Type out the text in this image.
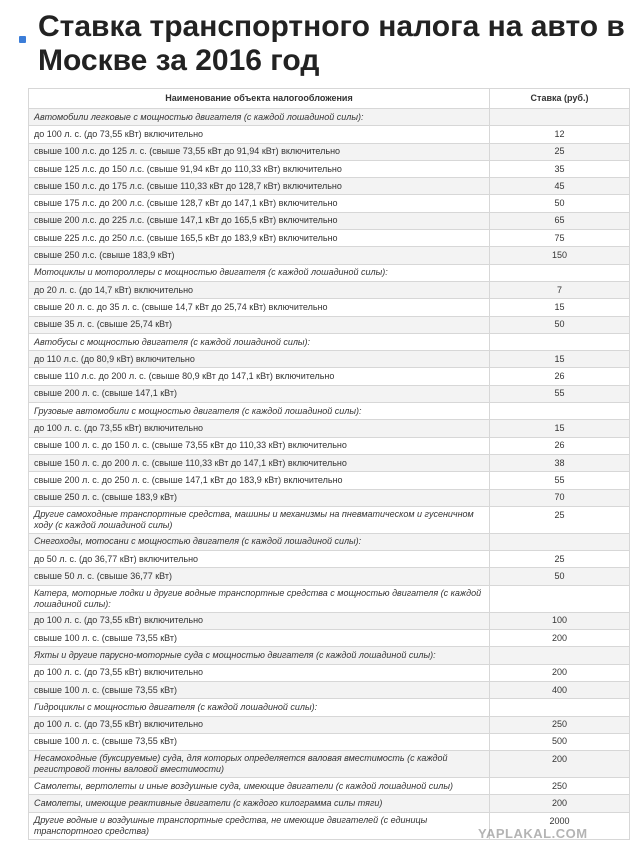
Ставка транспортного налога на авто в Москве за 2016 год
Наименование объекта налогообложения	Ставка (руб.)
Автомобили легковые с мощностью двигателя (с каждой лошадиной силы):	
до 100 л. с. (до 73,55 кВт) включительно	12
свыше 100 л.с. до 125 л. с. (свыше 73,55 кВт до 91,94 кВт) включительно	25
свыше 125 л.с. до 150 л.с. (свыше 91,94 кВт до 110,33 кВт) включительно	35
свыше 150 л.с. до 175 л.с. (свыше 110,33 кВт до 128,7 кВт) включительно	45
свыше 175 л.с. до 200 л.с. (свыше 128,7 кВт до 147,1 кВт) включительно	50
свыше 200 л.с. до 225 л.с. (свыше 147,1 кВт до 165,5 кВт) включительно	65
свыше 225 л.с. до 250 л.с. (свыше 165,5 кВт до 183,9 кВт) включительно	75
свыше 250 л.с. (свыше 183,9 кВт)	150
Мотоциклы и мотороллеры с мощностью двигателя (с каждой лошадиной силы):	
до 20 л. с. (до 14,7 кВт) включительно	7
свыше 20 л. с. до 35 л. с. (свыше 14,7 кВт до 25,74 кВт) включительно	15
свыше 35 л. с. (свыше 25,74 кВт)	50
Автобусы с мощностью двигателя (с каждой лошадиной силы):	
до 110 л.с. (до 80,9 кВт) включительно	15
свыше 110 л.с. до 200 л. с. (свыше 80,9 кВт до 147,1 кВт) включительно	26
свыше 200 л. с. (свыше 147,1 кВт)	55
Грузовые автомобили с мощностью двигателя (с каждой лошадиной силы):	
до 100 л. с. (до 73,55 кВт) включительно	15
свыше 100 л. с. до 150 л. с. (свыше 73,55 кВт до 110,33 кВт) включительно	26
свыше 150 л. с. до 200 л. с. (свыше 110,33 кВт до 147,1 кВт) включительно	38
свыше 200 л. с. до 250 л. с. (свыше 147,1 кВт до 183,9 кВт) включительно	55
свыше 250 л. с. (свыше 183,9 кВт)	70
Другие самоходные транспортные средства, машины и механизмы на пневматическом и гусеничном ходу (с каждой лошадиной силы)	25
Снегоходы, мотосани с мощностью двигателя (с каждой лошадиной силы):	
до 50 л. с. (до 36,77 кВт) включительно	25
свыше 50 л. с. (свыше 36,77 кВт)	50
Катера, моторные лодки и другие водные транспортные средства с мощностью двигателя (с каждой лошадиной силы):	
до 100 л. с. (до 73,55 кВт) включительно	100
свыше 100 л. с. (свыше 73,55 кВт)	200
Яхты и другие парусно-моторные суда с мощностью двигателя (с каждой лошадиной силы):	
до 100 л. с. (до 73,55 кВт) включительно	200
свыше 100 л. с. (свыше 73,55 кВт)	400
Гидроциклы с мощностью двигателя (с каждой лошадиной силы):	
до 100 л. с. (до 73,55 кВт) включительно	250
свыше 100 л. с. (свыше 73,55 кВт)	500
Несамоходные (буксируемые) суда, для которых определяется валовая вместимость (с каждой регистровой тонны валовой вместимости)	200
Самолеты, вертолеты и иные воздушные суда, имеющие двигатели (с каждой лошадиной силы)	250
Самолеты, имеющие реактивные двигатели (с каждого килограмма силы тяги)	200
Другие водные и воздушные транспортные средства, не имеющие двигателей (с единицы транспортного средства)	2000
YAPLAKAL.COM
